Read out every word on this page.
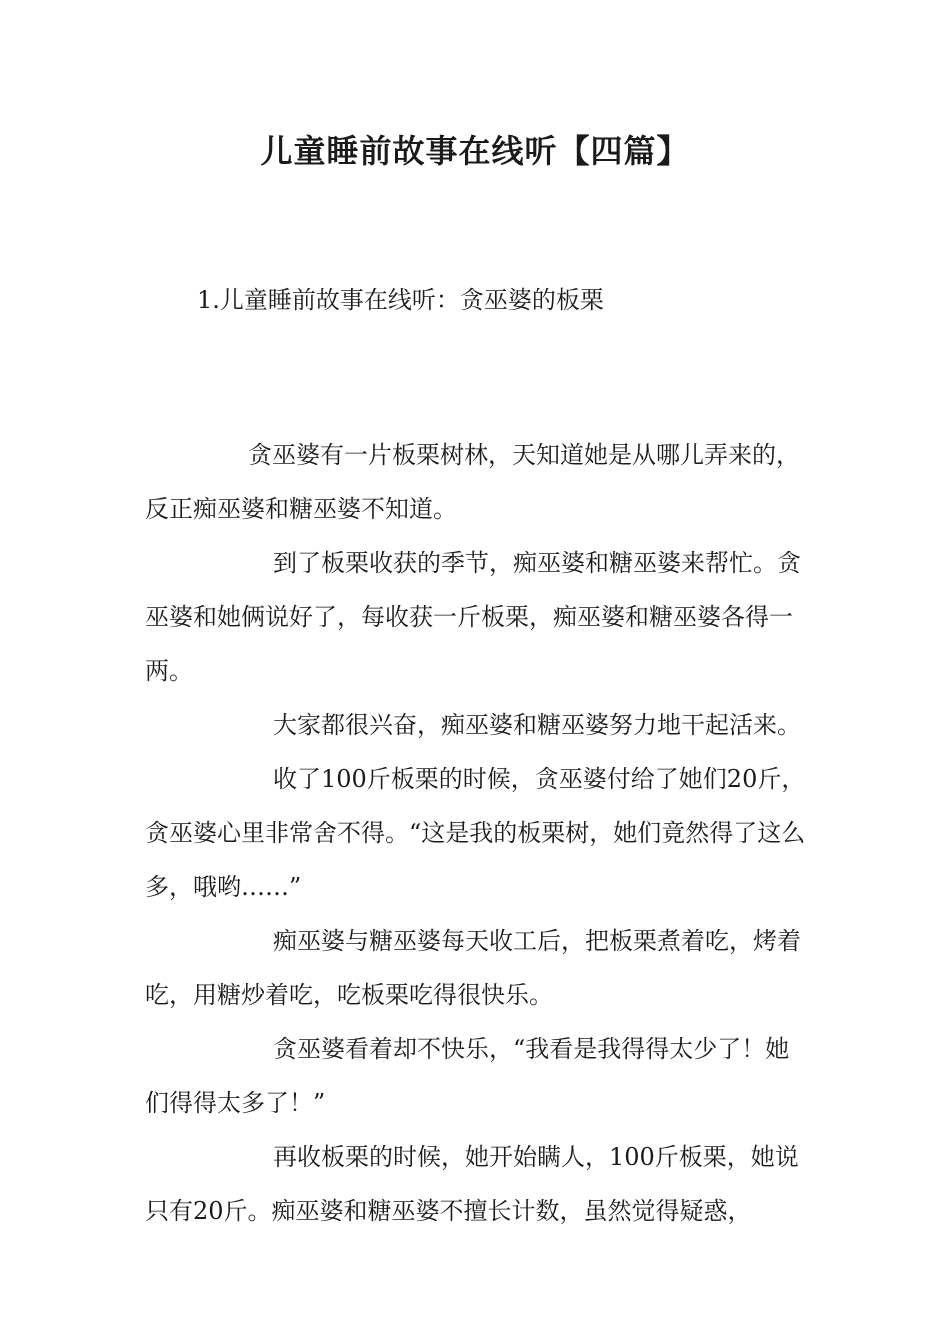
儿童睡前故事在线听【四篇】
1.儿童睡前故事在线听：贪巫婆的板栗

贪巫婆有一片板栗树林，天知道她是从哪儿弄来的，反正痴巫婆和糖巫婆不知道。

到了板栗收获的季节，痴巫婆和糖巫婆来帮忙。贪巫婆和她俩说好了，每收获一斤板栗，痴巫婆和糖巫婆各得一两。

大家都很兴奋，痴巫婆和糖巫婆努力地干起活来。

收了100斤板栗的时候，贪巫婆付给了她们20斤，贪巫婆心里非常舍不得。“这是我的板栗树，她们竟然得了这么多，哦哟……”

痴巫婆与糖巫婆每天收工后，把板栗煮着吃，烤着吃，用糖炒着吃，吃板栗吃得很快乐。

贪巫婆看着却不快乐，“我看是我得得太少了！她们得得太多了！”

再收板栗的时候，她开始瞒人，100斤板栗，她说只有20斤。痴巫婆和糖巫婆不擅长计数，虽然觉得疑惑，
